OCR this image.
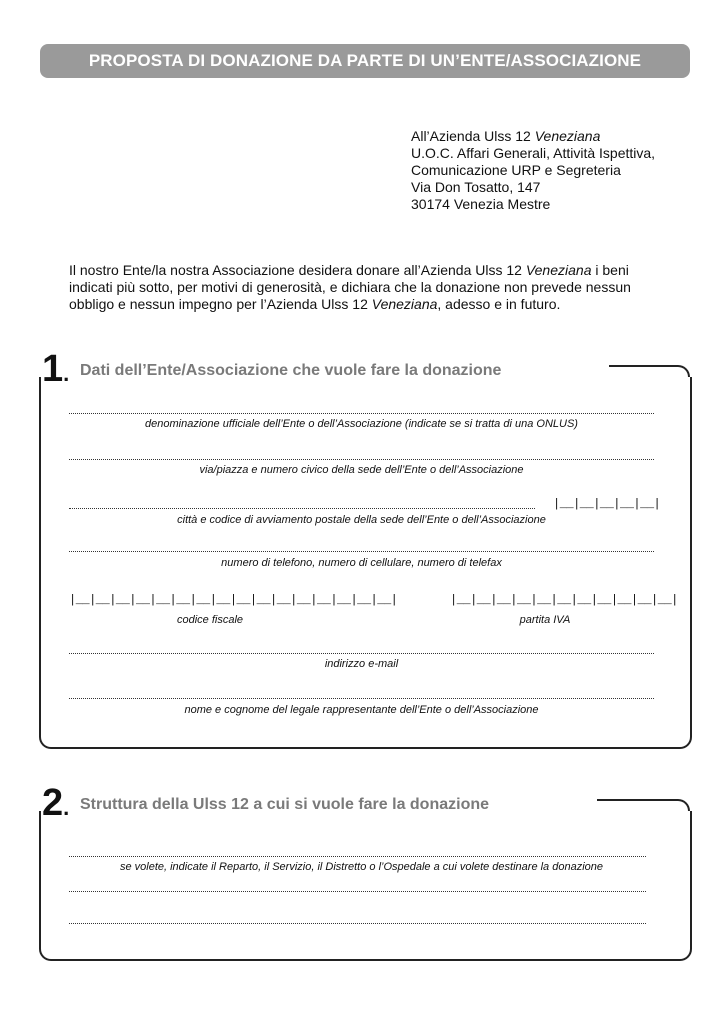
PROPOSTA DI DONAZIONE DA PARTE DI UN’ENTE/ASSOCIAZIONE
All’Azienda Ulss 12 Veneziana
U.O.C. Affari Generali, Attività Ispettiva,
Comunicazione URP e Segreteria
Via Don Tosatto, 147
30174 Venezia Mestre
Il nostro Ente/la nostra Associazione desidera donare all’Azienda Ulss 12 Veneziana i beni
indicati più sotto, per motivi di generosità, e dichiara che la donazione non prevede nessun
obbligo e nessun impegno per l’Azienda Ulss 12 Veneziana, adesso e in futuro.
1. Dati dell’Ente/Associazione che vuole fare la donazione
denominazione ufficiale dell’Ente o dell’Associazione (indicate se si tratta di una ONLUS)
via/piazza e numero civico della sede dell’Ente o dell’Associazione
|__|__|__|__|__|
città e codice di avviamento postale della sede dell’Ente o dell’Associazione
numero di telefono, numero di cellulare, numero di telefax
|__|__|__|__|__|__|__|__|__|__|__|__|__|__|__|__|	|__|__|__|__|__|__|__|__|__|__|__|
codice fiscale	partita IVA
indirizzo e-mail
nome e cognome del legale rappresentante dell’Ente o dell’Associazione
2. Struttura della Ulss 12 a cui si vuole fare la donazione
se volete, indicate il Reparto, il Servizio, il Distretto o l’Ospedale a cui volete destinare la donazione
